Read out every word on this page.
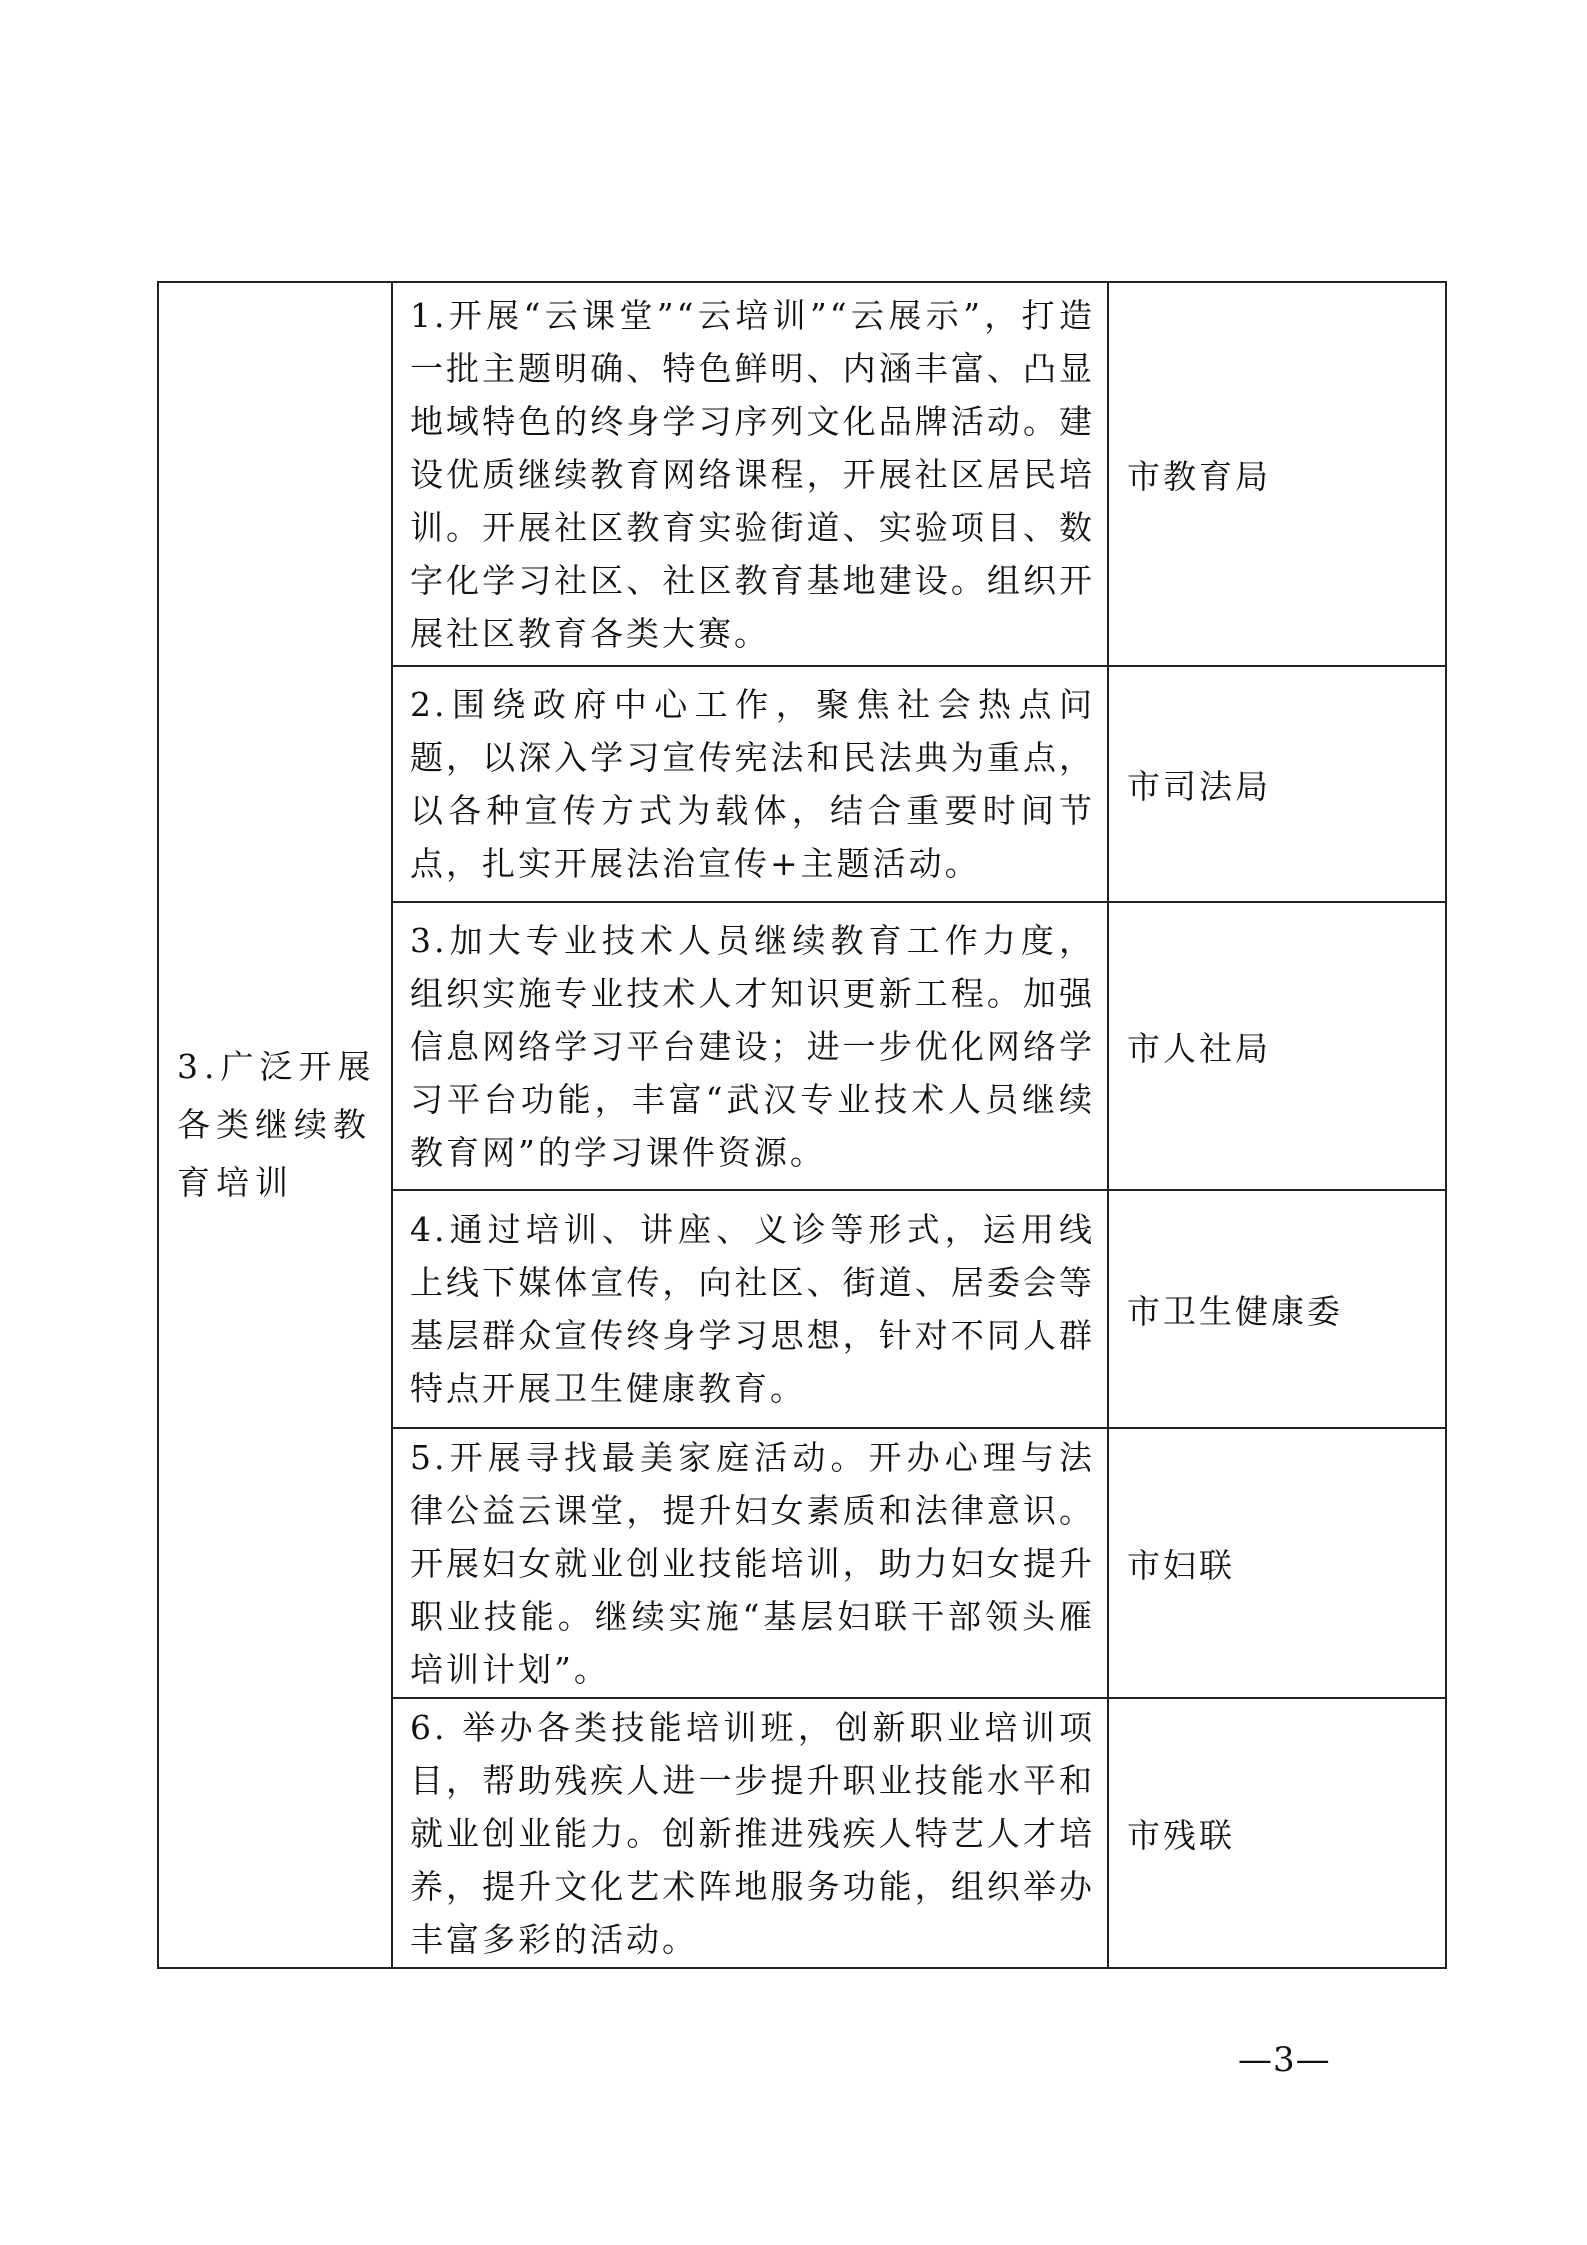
3.广泛开展各类继续教育培训	1.开展“云课堂”“云培训”“云展示”，打造一批主题明确、特色鲜明、内涵丰富、凸显地域特色的终身学习序列文化品牌活动。建设优质继续教育网络课程，开展社区居民培训。开展社区教育实验街道、实验项目、数字化学习社区、社区教育基地建设。组织开展社区教育各类大赛。	市教育局

	2.围绕政府中心工作，聚焦社会热点问题，以深入学习宣传宪法和民法典为重点，以各种宣传方式为载体，结合重要时间节点，扎实开展法治宣传+主题活动。	市司法局

	3.加大专业技术人员继续教育工作力度，组织实施专业技术人才知识更新工程。加强信息网络学习平台建设；进一步优化网络学习平台功能，丰富“武汉专业技术人员继续教育网”的学习课件资源。	市人社局

	4.通过培训、讲座、义诊等形式，运用线上线下媒体宣传，向社区、街道、居委会等基层群众宣传终身学习思想，针对不同人群特点开展卫生健康教育。	市卫生健康委

	5.开展寻找最美家庭活动。开办心理与法律公益云课堂，提升妇女素质和法律意识。开展妇女就业创业技能培训，助力妇女提升职业技能。继续实施“基层妇联干部领头雁培训计划”。	市妇联

	6. 举办各类技能培训班，创新职业培训项目，帮助残疾人进一步提升职业技能水平和就业创业能力。创新推进残疾人特艺人才培养，提升文化艺术阵地服务功能，组织举办丰富多彩的活动。	市残联
—3—
